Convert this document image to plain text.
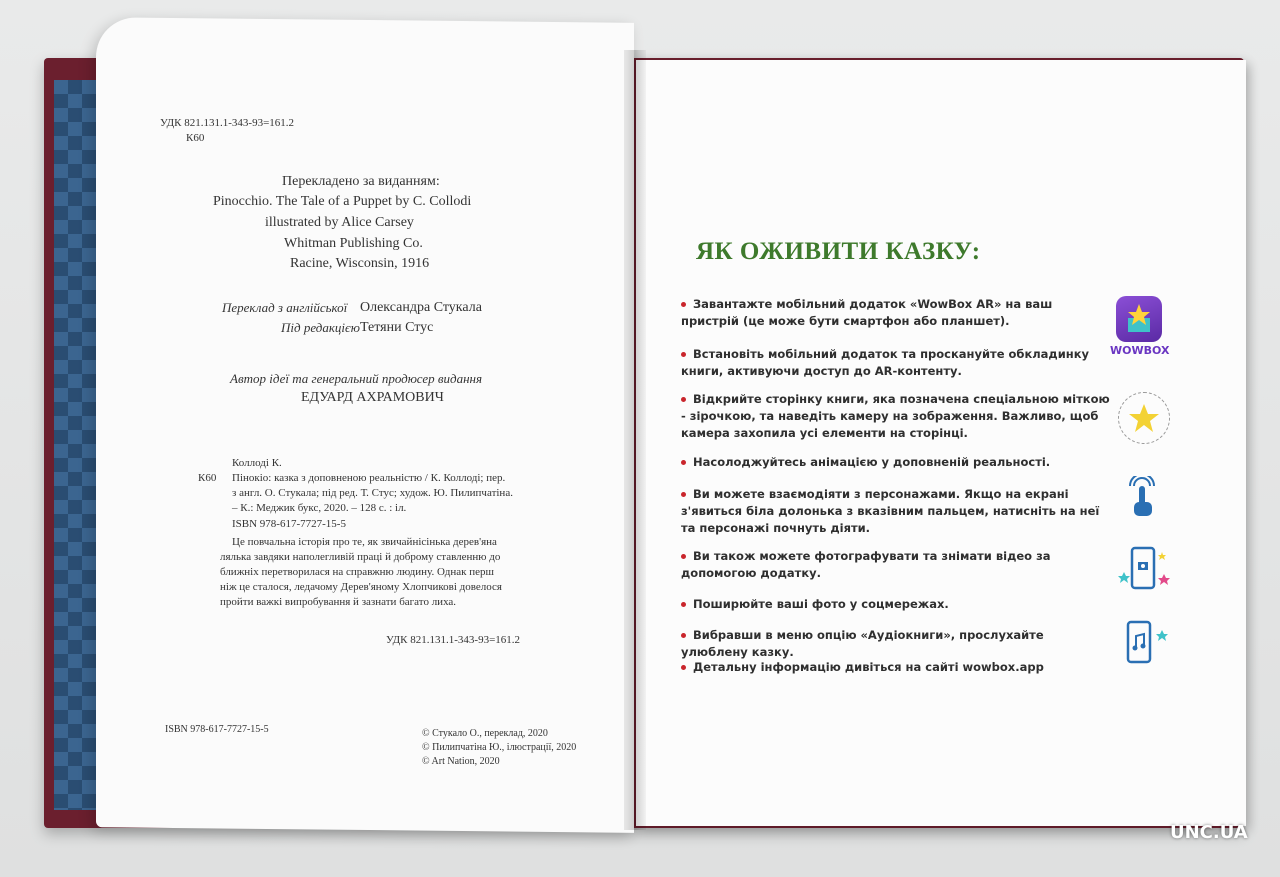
УДК 821.131.1-343-93=161.2
К60
Перекладено за виданням:
Pinocchio. The Tale of a Puppet by C. Collodi
illustrated by Alice Carsey
Whitman Publishing Co.
Racine, Wisconsin, 1916
Переклад з англійської Олександра Стукала
Під редакцією Тетяни Стус
Автор ідеї та генеральний продюсер видання
ЕДУАРД АХРАМОВИЧ
Коллоді К.
К60 Пінокіо: казка з доповненою реальністю / К. Коллоді; пер.
з англ. О. Стукала; під ред. Т. Стус; худож. Ю. Пилипчатіна.
– К.: Меджик букс, 2020. – 128 с. : іл.
ISBN 978-617-7727-15-5
Це повчальна історія про те, як звичайнісінька дерев'яна
лялька завдяки наполегливій праці й доброму ставленню до
ближніх перетворилася на справжню людину. Однак перш
ніж це сталося, ледачому Дерев'яному Хлопчикові довелося
пройти важкі випробування й зазнати багато лиха.
УДК 821.131.1-343-93=161.2
ISBN 978-617-7727-15-5	© Стукало О., переклад, 2020
© Пилипчатіна Ю., ілюстрації, 2020
© Art Nation, 2020
ЯК ОЖИВИТИ КАЗКУ:
Завантажте мобільний додаток «WowBox AR» на ваш пристрій (це може бути смартфон або планшет).
Встановіть мобільний додаток та проскануйте обкладинку книги, активуючи доступ до AR-контенту.
Відкрийте сторінку книги, яка позначена спеціальною міткою - зірочкою, та наведіть камеру на зображення. Важливо, щоб камера захопила усі елементи на сторінці.
Насолоджуйтесь анімацією у доповненій реальності.
Ви можете взаємодіяти з персонажами. Якщо на екрані з'явиться біла долонька з вказівним пальцем, натисніть на неї та персонажі почнуть діяти.
Ви також можете фотографувати та знімати відео за допомогою додатку.
Поширюйте ваші фото у соцмережах.
Вибравши в меню опцію «Аудіокниги», прослухайте улюблену казку.
Детальну інформацію дивіться на сайті wowbox.app
WOWBOX
UNC.UA
